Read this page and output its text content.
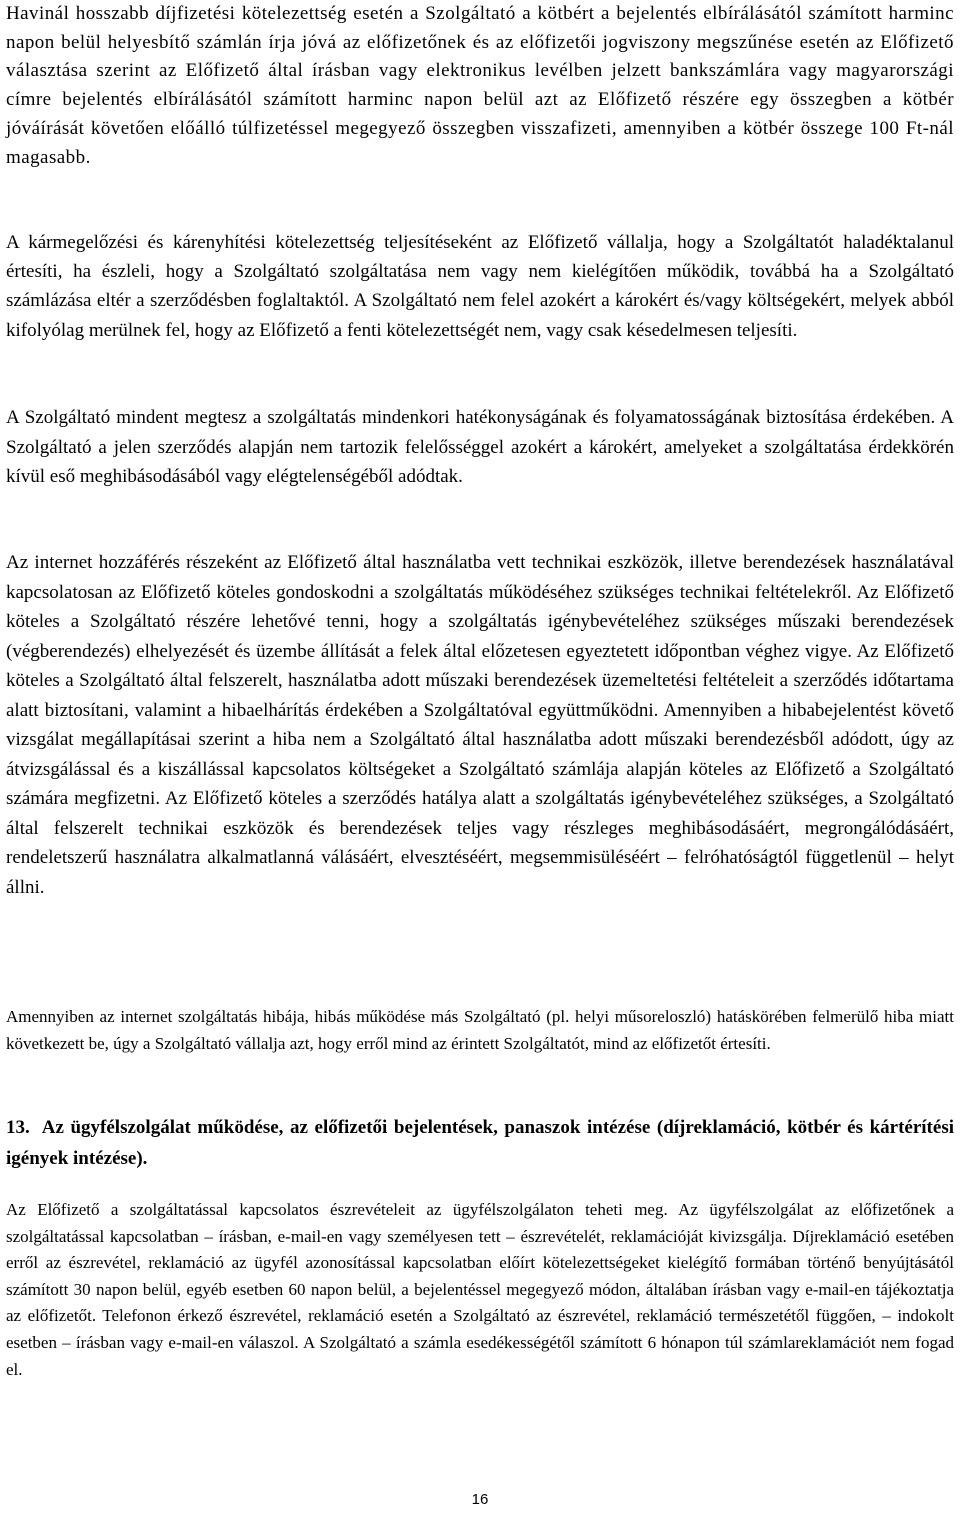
Havinál hosszabb díjfizetési kötelezettség esetén a Szolgáltató a kötbért a bejelentés elbírálásától számított harminc napon belül helyesbítő számlán írja jóvá az előfizetőnek és az előfizetői jogviszony megszűnése esetén az Előfizető választása szerint az Előfizető által írásban vagy elektronikus levélben jelzett bankszámlára vagy magyarországi címre bejelentés elbírálásától számított harminc napon belül azt az Előfizető részére egy összegben a kötbér jóváírását követően előálló túlfizetéssel megegyező összegben visszafizeti, amennyiben a kötbér összege 100 Ft-nál magasabb.

A kármegelőzési és kárenyhítési kötelezettség teljesítéseként az Előfizető vállalja, hogy a Szolgáltatót haladéktalanul értesíti, ha észleli, hogy a Szolgáltató szolgáltatása nem vagy nem kielégítően működik, továbbá ha a Szolgáltató számlázása eltér a szerződésben foglaltaktól. A Szolgáltató nem felel azokért a károkért és/vagy költségekért, melyek abból kifolyólag merülnek fel, hogy az Előfizető a fenti kötelezettségét nem, vagy csak késedelmesen teljesíti.

A Szolgáltató mindent megtesz a szolgáltatás mindenkori hatékonyságának és folyamatosságának biztosítása érdekében. A Szolgáltató a jelen szerződés alapján nem tartozik felelősséggel azokért a károkért, amelyeket a szolgáltatása érdekkörén kívül eső meghibásodásából vagy elégtelenségéből adódtak.

Az internet hozzáférés részeként az Előfizető által használatba vett technikai eszközök, illetve berendezések használatával kapcsolatosan az Előfizető köteles gondoskodni a szolgáltatás működéséhez szükséges technikai feltételekről. Az Előfizető köteles a Szolgáltató részére lehetővé tenni, hogy a szolgáltatás igénybevételéhez szükséges műszaki berendezések (végberendezés) elhelyezését és üzembe állítását a felek által előzetesen egyeztetett időpontban véghez vigye. Az Előfizető köteles a Szolgáltató által felszerelt, használatba adott műszaki berendezések üzemeltetési feltételeit a szerződés időtartama alatt biztosítani, valamint a hibaelhárítás érdekében a Szolgáltatóval együttműködni. Amennyiben a hibabejelentést követő vizsgálat megállapításai szerint a hiba nem a Szolgáltató által használatba adott műszaki berendezésből adódott, úgy az átvizsgálással és a kiszállással kapcsolatos költségeket a Szolgáltató számlája alapján köteles az Előfizető a Szolgáltató számára megfizetni. Az Előfizető köteles a szerződés hatálya alatt a szolgáltatás igénybevételéhez szükséges, a Szolgáltató által felszerelt technikai eszközök és berendezések teljes vagy részleges meghibásodásáért, megrongálódásáért, rendeletszerű használatra alkalmatlanná válásáért, elvesztéséért, megsemmisüléséért – felróhatóságtól függetlenül – helyt állni.

Amennyiben az internet szolgáltatás hibája, hibás működése más Szolgáltató (pl. helyi műsoreloszló) hatáskörében felmerülő hiba miatt következett be, úgy a Szolgáltató vállalja azt, hogy erről mind az érintett Szolgáltatót, mind az előfizetőt értesíti.

13. Az ügyfélszolgálat működése, az előfizetői bejelentések, panaszok intézése (díjreklamáció, kötbér és kártérítési igények intézése).

Az Előfizető a szolgáltatással kapcsolatos észrevételeit az ügyfélszolgálaton teheti meg. Az ügyfélszolgálat az előfizetőnek a szolgáltatással kapcsolatban – írásban, e-mail-en vagy személyesen tett – észrevételét, reklamációját kivizsgálja. Díjreklamáció esetében erről az észrevétel, reklamáció az ügyfél azonosítással kapcsolatban előírt kötelezettségeket kielégítő formában történő benyújtásától számított 30 napon belül, egyéb esetben 60 napon belül, a bejelentéssel megegyező módon, általában írásban vagy e-mail-en tájékoztatja az előfizetőt. Telefonon érkező észrevétel, reklamáció esetén a Szolgáltató az észrevétel, reklamáció természetétől függően, – indokolt esetben – írásban vagy e-mail-en válaszol. A Szolgáltató a számla esedékességétől számított 6 hónapon túl számlareklamációt nem fogad el.

16
